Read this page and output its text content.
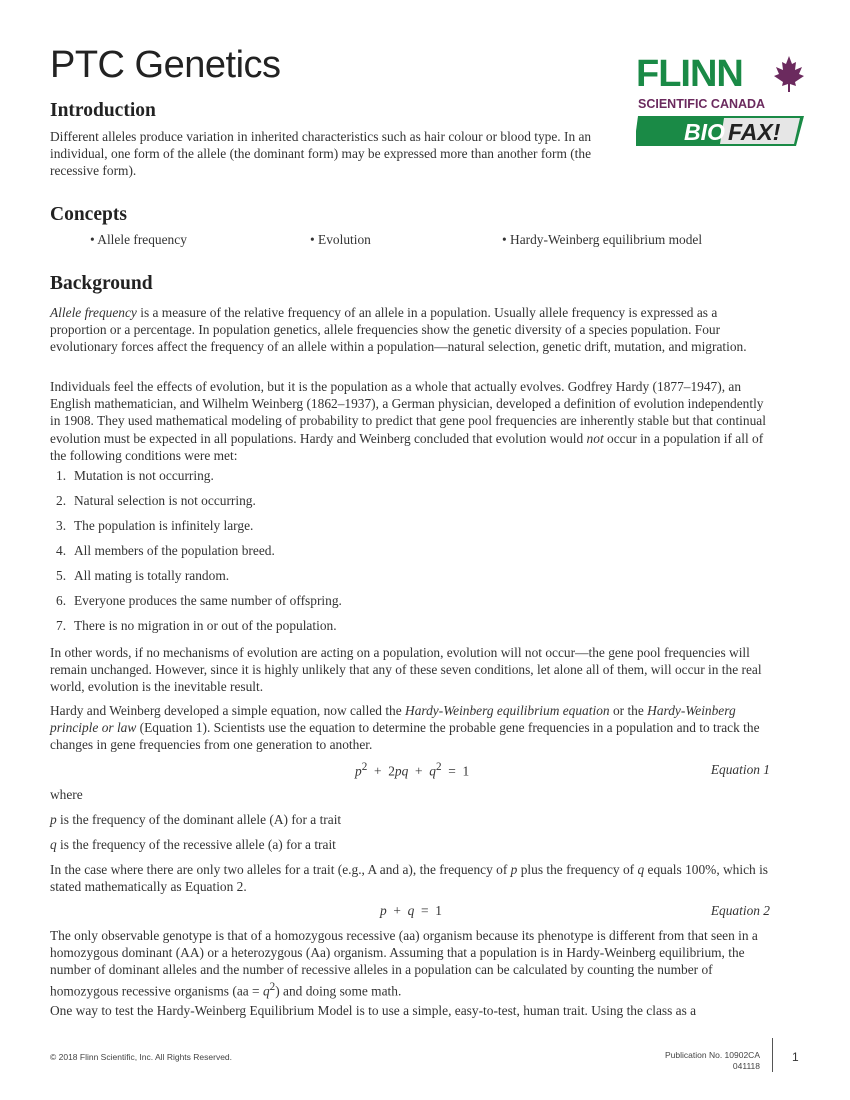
PTC Genetics	FLINN
SCIENTIFIC CANADA
BIO FAX!
Introduction

Different alleles produce variation in inherited characteristics such as hair colour or blood type. In an individual, one form of the allele (the dominant form) may be expressed more than another form (the recessive form).

Concepts
• Allele frequency	• Evolution	• Hardy-Weinberg equilibrium model
Background

Allele frequency is a measure of the relative frequency of an allele in a population. Usually allele frequency is expressed as a proportion or a percentage. In population genetics, allele frequencies show the genetic diversity of a species population. Four evolutionary forces affect the frequency of an allele within a population—natural selection, genetic drift, mutation, and migration.

Individuals feel the effects of evolution, but it is the population as a whole that actually evolves. Godfrey Hardy (1877–1947), an English mathematician, and Wilhelm Weinberg (1862–1937), a German physician, developed a definition of evolution independently in 1908. They used mathematical modeling of probability to predict that gene pool frequencies are inherently stable but that continual evolution must be expected in all populations. Hardy and Weinberg concluded that evolution would not occur in a population if all of the following conditions were met:

1. Mutation is not occurring.
2. Natural selection is not occurring.
3. The population is infinitely large.
4. All members of the population breed.
5. All mating is totally random.
6. Everyone produces the same number of offspring.
7. There is no migration in or out of the population.

In other words, if no mechanisms of evolution are acting on a population, evolution will not occur—the gene pool frequencies will remain unchanged. However, since it is highly unlikely that any of these seven conditions, let alone all of them, will occur in the real world, evolution is the inevitable result.

Hardy and Weinberg developed a simple equation, now called the Hardy-Weinberg equilibrium equation or the Hardy-Weinberg principle or law (Equation 1). Scientists use the equation to determine the probable gene frequencies in a population and to track the changes in gene frequencies from one generation to another.

$p^2 + 2pq + q^2 = 1$	Equation 1
where
p is the frequency of the dominant allele (A) for a trait
q is the frequency of the recessive allele (a) for a trait

In the case where there are only two alleles for a trait (e.g., A and a), the frequency of p plus the frequency of q equals 100%, which is stated mathematically as Equation 2.

p  +  q  =  1	Equation 2

The only observable genotype is that of a homozygous recessive (aa) organism because its phenotype is different from that seen in a homozygous dominant (AA) or a heterozygous (Aa) organism. Assuming that a population is in Hardy-Weinberg equilibrium, the number of dominant alleles and the number of recessive alleles in a population can be calculated by counting the number of homozygous recessive organisms $(aa = q^2)$ and doing some math.

One way to test the Hardy-Weinberg Equilibrium Model is to use a simple, easy-to-test, human trait. Using the class as a

© 2018 Flinn Scientific, Inc. All Rights Reserved.	Publication No. 10902CA
041118
1
